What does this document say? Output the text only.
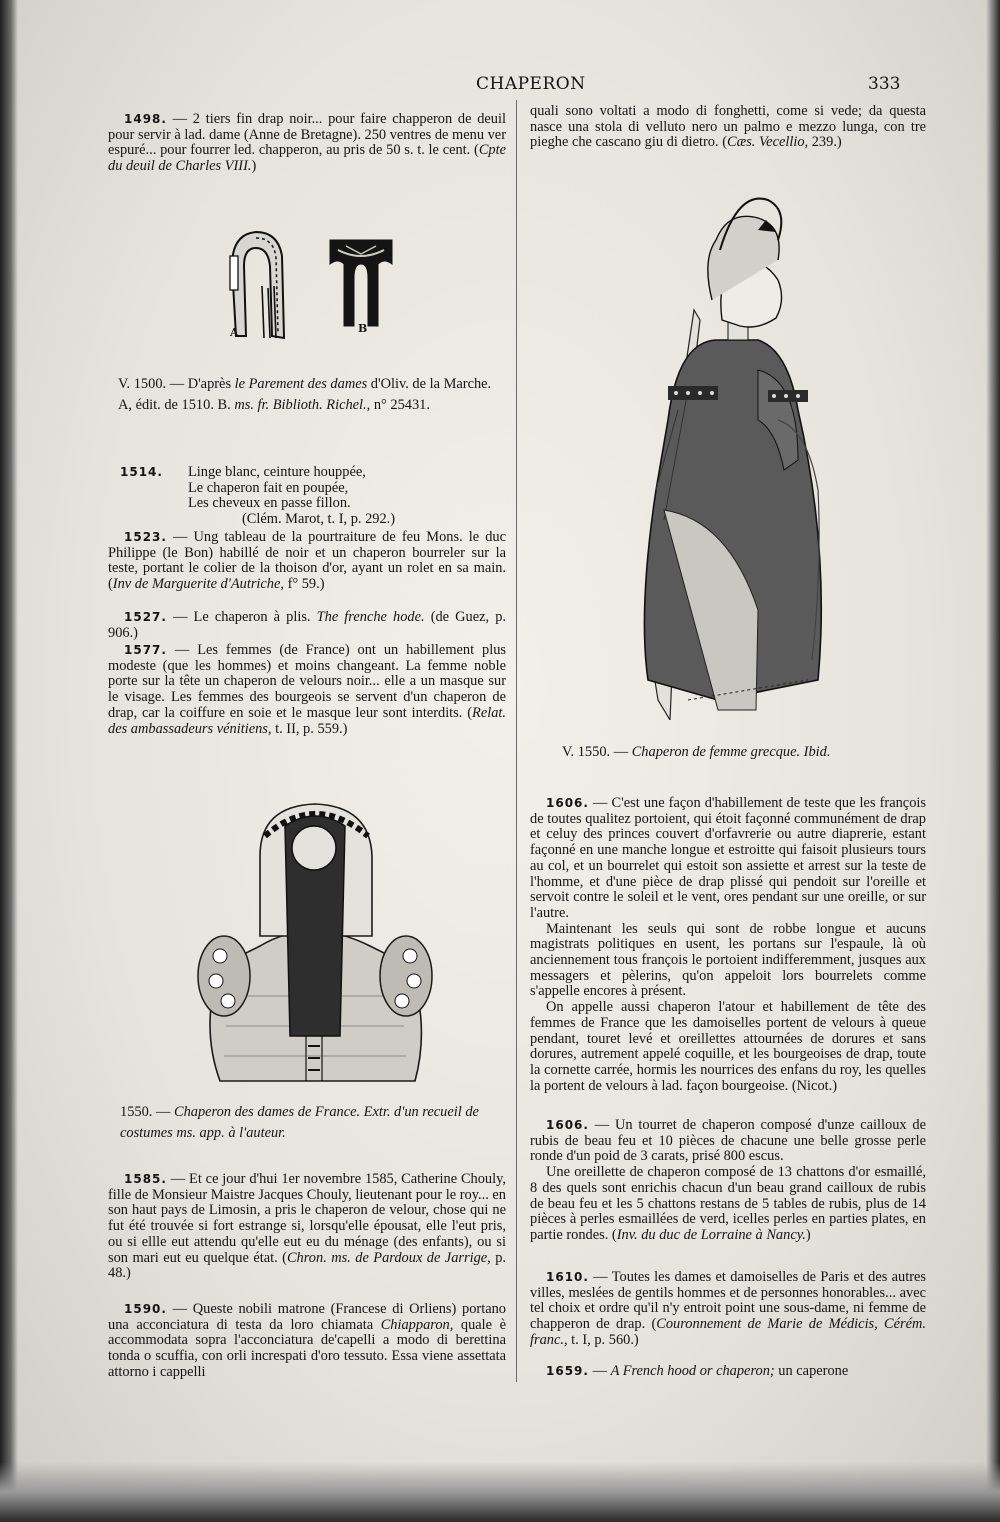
CHAPERON	333

1498. — 2 tiers fin drap noir... pour faire chapperon de deuil pour servir à lad. dame (Anne de Bretagne). 250 ventres de menu ver espuré... pour fourrer led. chapperon, au pris de 50 s. t. le cent. (Cpte du deuil de Charles VIII.)

A	B
V. 1500. — D'après le Parement des dames d'Oliv. de la Marche. A, édit. de 1510. B. ms. fr. Biblioth. Richel., n° 25431.
1514. Linge blanc, ceinture houppée,
Le chaperon fait en poupée,
Les cheveux en passe fillon.
(Clém. Marot, t. I, p. 292.)

1523. — Ung tableau de la pourtraiture de feu Mons. le duc Philippe (le Bon) habillé de noir et un chaperon bourreler sur la teste, portant le colier de la thoison d'or, ayant un rolet en sa main. (Inv de Marguerite d'Autriche, f° 59.)

1527. — Le chaperon à plis. The frenche hode. (de Guez, p. 906.)

1577. — Les femmes (de France) ont un habillement plus modeste (que les hommes) et moins changeant. La femme noble porte sur la tête un chaperon de velours noir... elle a un masque sur le visage. Les femmes des bourgeois se servent d'un chaperon de drap, car la coiffure en soie et le masque leur sont interdits. (Relat. des ambassadeurs vénitiens, t. II, p. 559.)

1550. — Chaperon des dames de France. Extr. d'un recueil de costumes ms. app. à l'auteur.

1585. — Et ce jour d'hui 1er novembre 1585, Catherine Chouly, fille de Monsieur Maistre Jacques Chouly, lieutenant pour le roy... en son haut pays de Limosin, a pris le chaperon de velour, chose qui ne fut été trouvée si fort estrange si, lorsqu'elle épousat, elle l'eut pris, ou si ellle eut attendu qu'elle eut eu du ménage (des enfants), ou si son mari eut eu quelque état. (Chron. ms. de Pardoux de Jarrige, p. 48.)

1590. — Queste nobili matrone (Francese di Orliens) portano una acconciatura di testa da loro chiamata Chiapparon, quale è accommodata sopra l'acconciatura de'capelli a modo di berettina tonda o scuffia, con orli increspati d'oro tessuto. Essa viene assettata attorno i cappelli

quali sono voltati a modo di fonghetti, come si vede; da questa nasce una stola di velluto nero un palmo e mezzo lunga, con tre pieghe che cascano giu di dietro. (Cæs. Vecellio, 239.)

V. 1550. — Chaperon de femme grecque. Ibid.

1606. — C'est une façon d'habillement de teste que les françois de toutes qualitez portoient, qui étoit façonné communément de drap et celuy des princes couvert d'orfavrerie ou autre diaprerie, estant façonné en une manche longue et estroitte qui faisoit plusieurs tours au col, et un bourrelet qui estoit son assiette et arrest sur la teste de l'homme, et d'une pièce de drap plissé qui pendoit sur l'oreille et servoit contre le soleil et le vent, ores pendant sur une oreille, or sur l'autre.

Maintenant les seuls qui sont de robbe longue et aucuns magistrats politiques en usent, les portans sur l'espaule, là où anciennement tous françois le portoient indifferemment, jusques aux messagers et pèlerins, qu'on appeloit lors bourrelets comme s'appelle encores à présent.

On appelle aussi chaperon l'atour et habillement de tête des femmes de France que les damoiselles portent de velours à queue pendant, touret levé et oreillettes attournées de dorures et sans dorures, autrement appelé coquille, et les bourgeoises de drap, toute la cornette carrée, hormis les nourrices des enfans du roy, les quelles la portent de velours à lad. façon bourgeoise. (Nicot.)

1606. — Un tourret de chaperon composé d'unze cailloux de rubis de beau feu et 10 pièces de chacune une belle grosse perle ronde d'un poid de 3 carats, prisé 800 escus.

Une oreillette de chaperon composé de 13 chattons d'or esmaillé, 8 des quels sont enrichis chacun d'un beau grand cailloux de rubis de beau feu et les 5 chattons restans de 5 tables de rubis, plus de 14 pièces à perles esmaillées de verd, icelles perles en parties plates, en partie rondes. (Inv. du duc de Lorraine à Nancy.)

1610. — Toutes les dames et damoiselles de Paris et des autres villes, meslées de gentils hommes et de personnes honorables... avec tel choix et ordre qu'il n'y entroit point une sous-dame, ni femme de chapperon de drap. (Couronnement de Marie de Médicis, Cérém. franc., t. I, p. 560.)

1659. — A French hood or chaperon; un caperone
